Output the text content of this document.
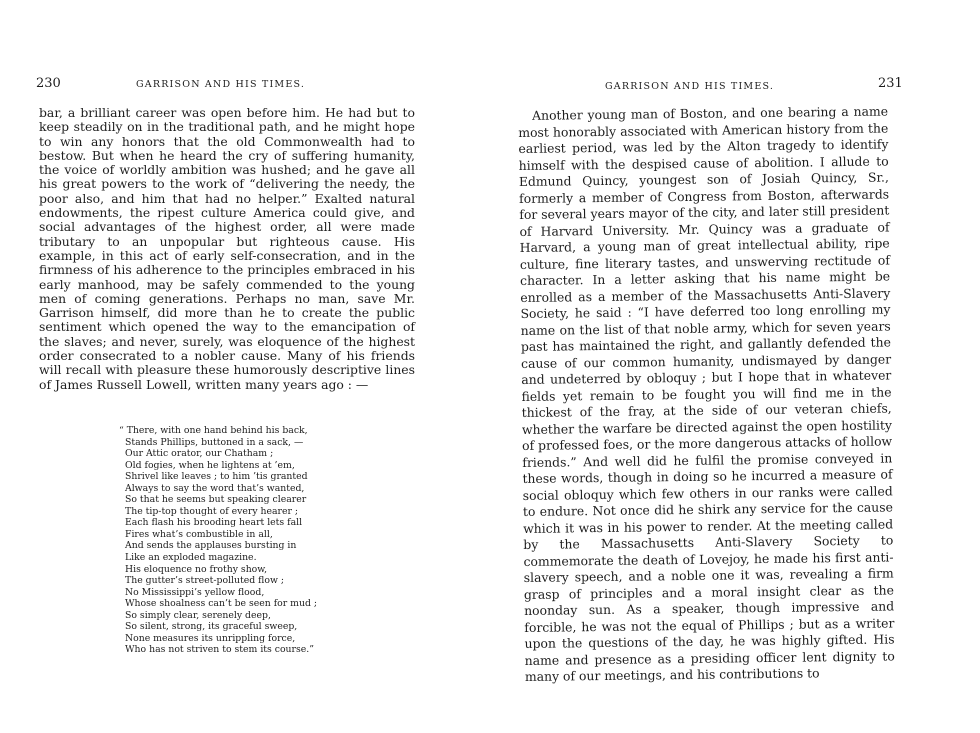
230	GARRISON AND HIS TIMES.

bar, a brilliant career was open before him. He had but to keep steadily on in the traditional path, and he might hope to win any honors that the old Commonwealth had to bestow. But when he heard the cry of suffering humanity, the voice of worldly ambition was hushed; and he gave all his great powers to the work of “delivering the needy, the poor also, and him that had no helper.” Exalted natural endowments, the ripest culture America could give, and social advantages of the highest order, all were made tributary to an unpopular but righteous cause. His example, in this act of early self-consecration, and in the firmness of his adherence to the principles embraced in his early manhood, may be safely commended to the young men of coming generations. Perhaps no man, save Mr. Garrison himself, did more than he to create the public sentiment which opened the way to the emancipation of the slaves; and never, surely, was eloquence of the highest order consecrated to a nobler cause. Many of his friends will recall with pleasure these humorously descriptive lines of James Russell Lowell, written many years ago : —

“ There, with one hand behind his back,
Stands Phillips, buttoned in a sack, —
Our Attic orator, our Chatham ;
Old fogies, when he lightens at ’em,
Shrivel like leaves ; to him ’tis granted
Always to say the word that’s wanted,
So that he seems but speaking clearer
The tip-top thought of every hearer ;
Each flash his brooding heart lets fall
Fires what’s combustible in all,
And sends the applauses bursting in
Like an exploded magazine.
His eloquence no frothy show,
The gutter’s street-polluted flow ;
No Mississippi’s yellow flood,
Whose shoalness can’t be seen for mud ;
So simply clear, serenely deep,
So silent, strong, its graceful sweep,
None measures its unrippling force,
Who has not striven to stem its course.”
GARRISON AND HIS TIMES.	231

Another young man of Boston, and one bearing a name most honorably associated with American history from the earliest period, was led by the Alton tragedy to identify himself with the despised cause of abolition. I allude to Edmund Quincy, youngest son of Josiah Quincy, Sr., formerly a member of Congress from Boston, afterwards for several years mayor of the city, and later still president of Harvard University. Mr. Quincy was a graduate of Harvard, a young man of great intellectual ability, ripe culture, fine literary tastes, and unswerving rectitude of character. In a letter asking that his name might be enrolled as a member of the Massachusetts Anti-Slavery Society, he said : “I have deferred too long enrolling my name on the list of that noble army, which for seven years past has maintained the right, and gallantly defended the cause of our common humanity, undismayed by danger and undeterred by obloquy ; but I hope that in whatever fields yet remain to be fought you will find me in the thickest of the fray, at the side of our veteran chiefs, whether the warfare be directed against the open hostility of professed foes, or the more dangerous attacks of hollow friends.” And well did he fulfil the promise conveyed in these words, though in doing so he incurred a measure of social obloquy which few others in our ranks were called to endure. Not once did he shirk any service for the cause which it was in his power to render. At the meeting called by the Massachusetts Anti-Slavery Society to commemorate the death of Lovejoy, he made his first anti-slavery speech, and a noble one it was, revealing a firm grasp of principles and a moral insight clear as the noonday sun. As a speaker, though impressive and forcible, he was not the equal of Phillips ; but as a writer upon the questions of the day, he was highly gifted. His name and presence as a presiding officer lent dignity to many of our meetings, and his contributions to
